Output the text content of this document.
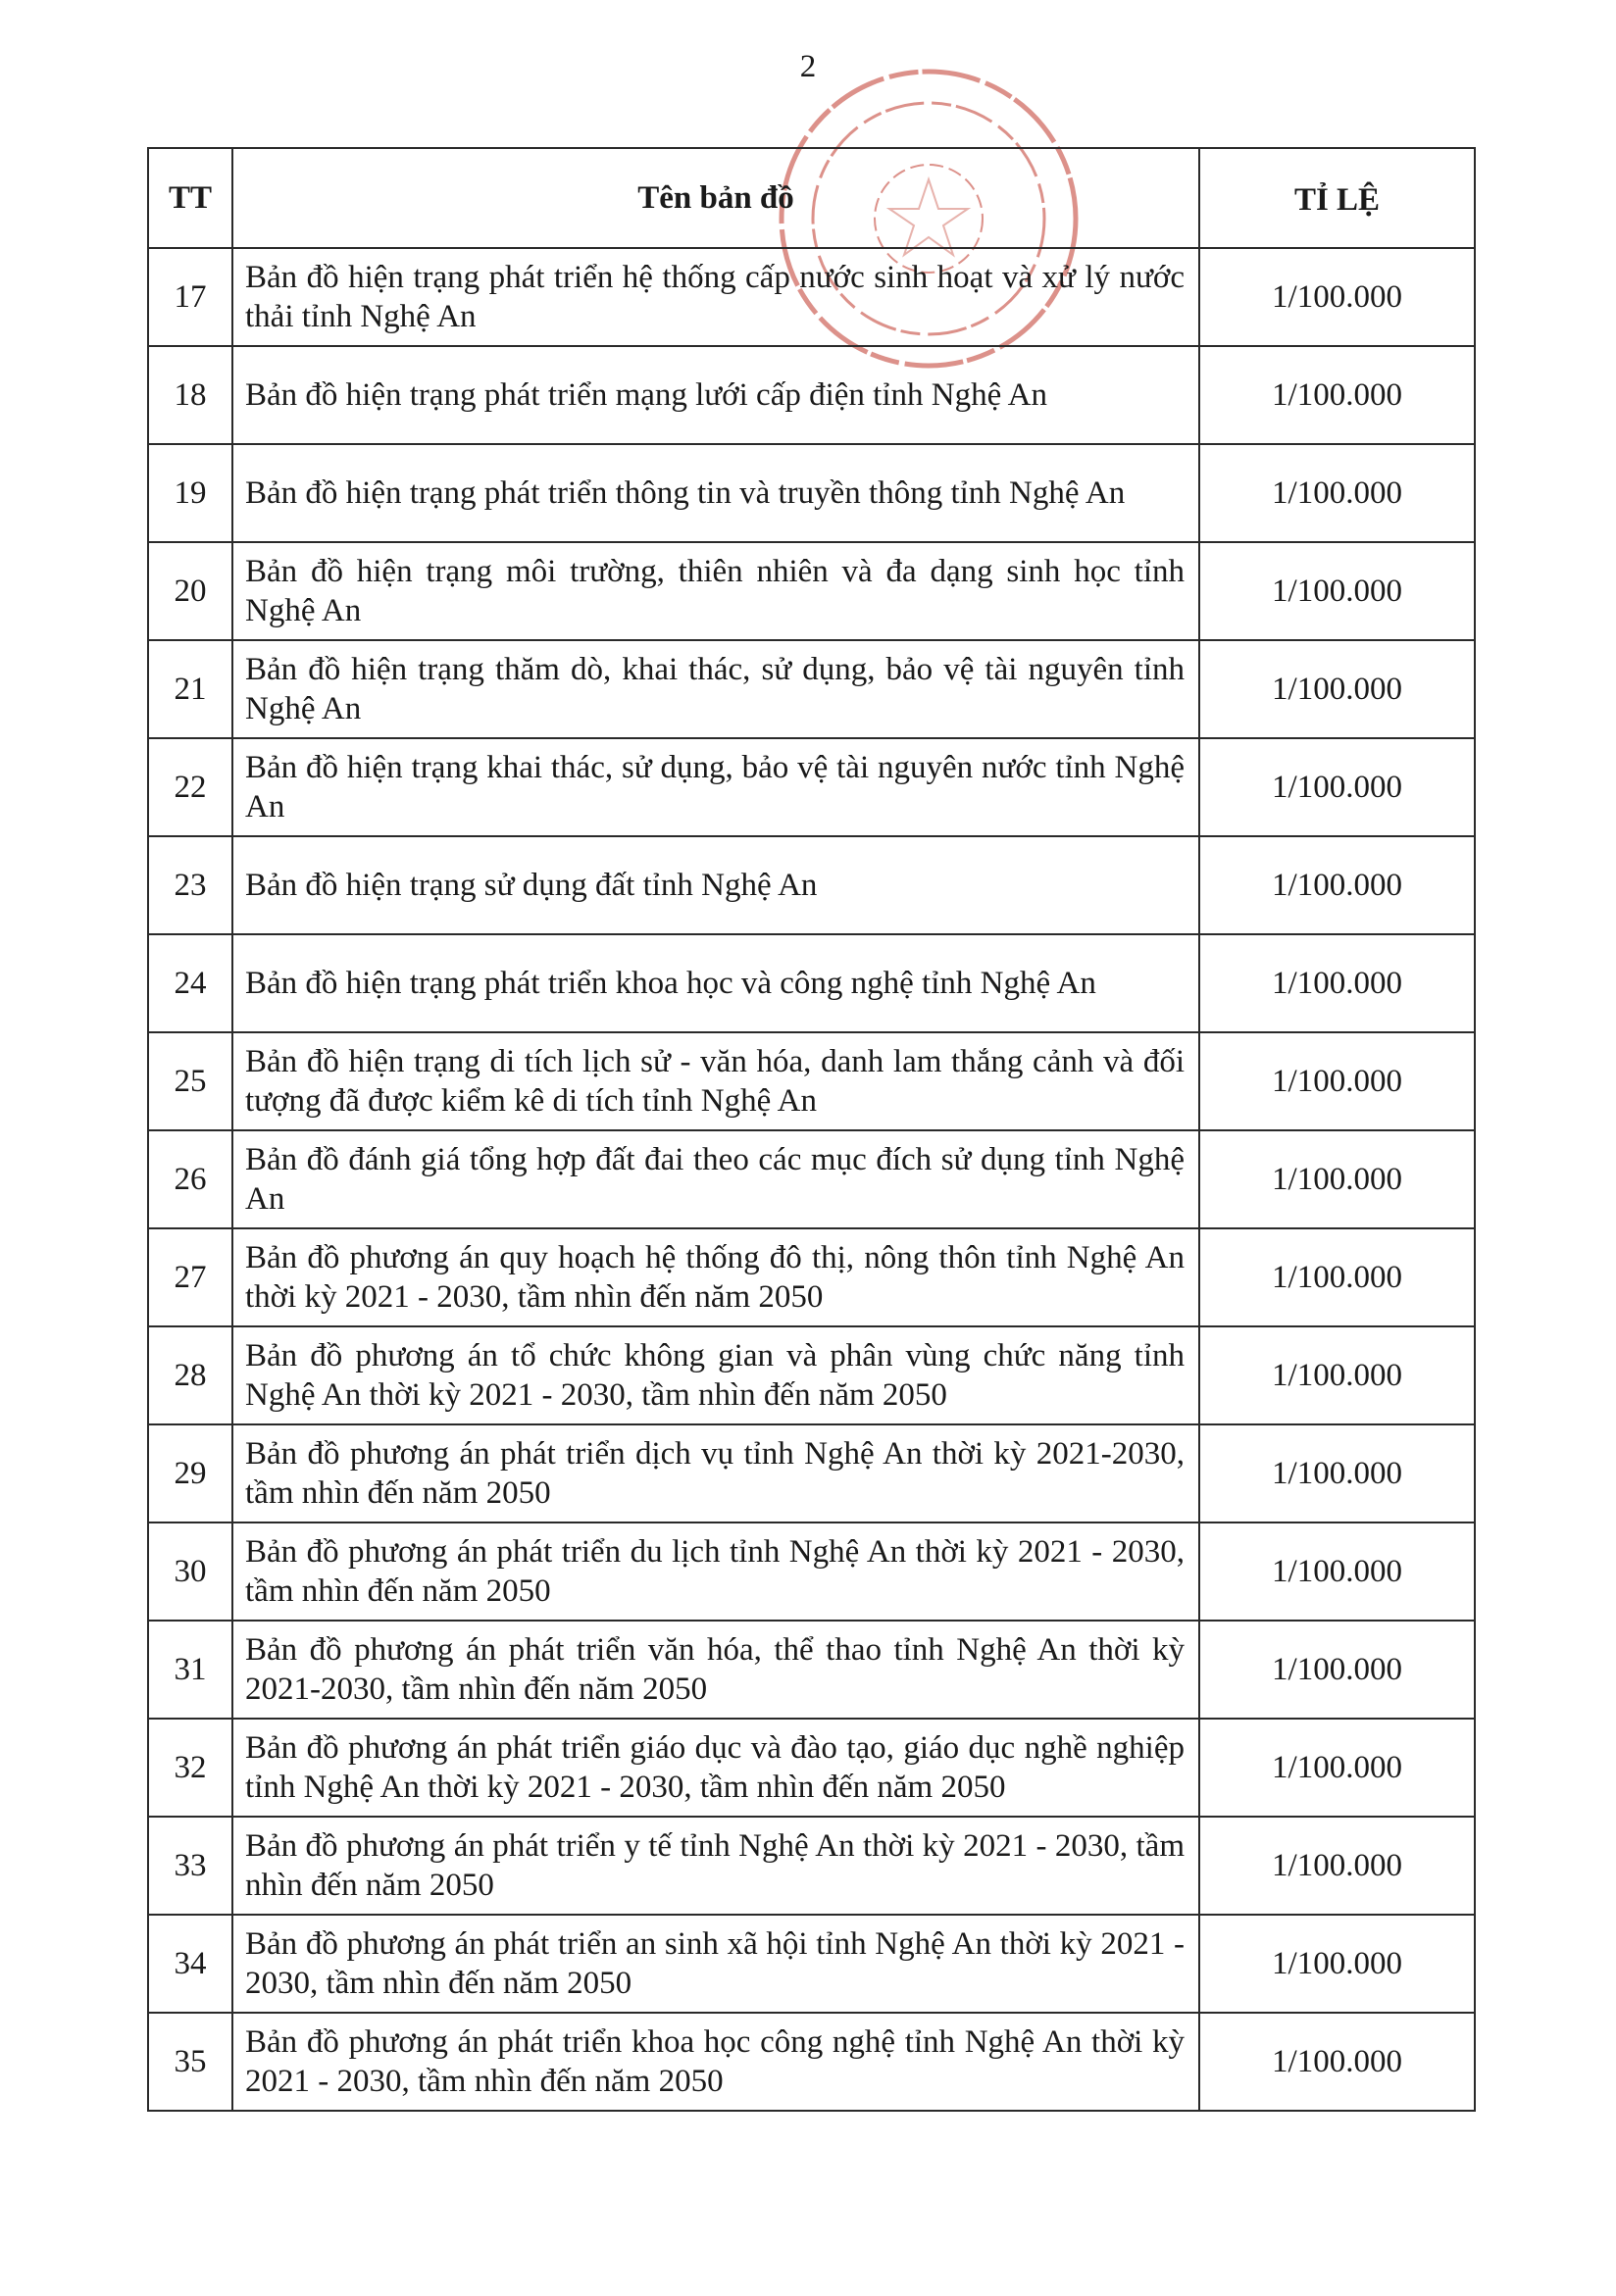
2
TT	Tên bản đồ	TỈ LỆ
17	Bản đồ hiện trạng phát triển hệ thống cấp nước sinh hoạt và xử lý nước thải tỉnh Nghệ An	1/100.000
18	Bản đồ hiện trạng phát triển mạng lưới cấp điện tỉnh Nghệ An	1/100.000
19	Bản đồ hiện trạng phát triển thông tin và truyền thông tỉnh Nghệ An	1/100.000
20	Bản đồ hiện trạng môi trường, thiên nhiên và đa dạng sinh học tỉnh Nghệ An	1/100.000
21	Bản đồ hiện trạng thăm dò, khai thác, sử dụng, bảo vệ tài nguyên tỉnh Nghệ An	1/100.000
22	Bản đồ hiện trạng khai thác, sử dụng, bảo vệ tài nguyên nước tỉnh Nghệ An	1/100.000
23	Bản đồ hiện trạng sử dụng đất tỉnh Nghệ An	1/100.000
24	Bản đồ hiện trạng phát triển khoa học và công nghệ tỉnh Nghệ An	1/100.000
25	Bản đồ hiện trạng di tích lịch sử - văn hóa, danh lam thắng cảnh và đối tượng đã được kiểm kê di tích tỉnh Nghệ An	1/100.000
26	Bản đồ đánh giá tổng hợp đất đai theo các mục đích sử dụng tỉnh Nghệ An	1/100.000
27	Bản đồ phương án quy hoạch hệ thống đô thị, nông thôn tỉnh Nghệ An thời kỳ 2021 - 2030, tầm nhìn đến năm 2050	1/100.000
28	Bản đồ phương án tổ chức không gian và phân vùng chức năng tỉnh Nghệ An thời kỳ 2021 - 2030, tầm nhìn đến năm 2050	1/100.000
29	Bản đồ phương án phát triển dịch vụ tỉnh Nghệ An thời kỳ 2021-2030, tầm nhìn đến năm 2050	1/100.000
30	Bản đồ phương án phát triển du lịch tỉnh Nghệ An thời kỳ 2021 - 2030, tầm nhìn đến năm 2050	1/100.000
31	Bản đồ phương án phát triển văn hóa, thể thao tỉnh Nghệ An thời kỳ 2021-2030, tầm nhìn đến năm 2050	1/100.000
32	Bản đồ phương án phát triển giáo dục và đào tạo, giáo dục nghề nghiệp tỉnh Nghệ An thời kỳ 2021 - 2030, tầm nhìn đến năm 2050	1/100.000
33	Bản đồ phương án phát triển y tế tỉnh Nghệ An thời kỳ 2021 - 2030, tầm nhìn đến năm 2050	1/100.000
34	Bản đồ phương án phát triển an sinh xã hội tỉnh Nghệ An thời kỳ 2021 - 2030, tầm nhìn đến năm 2050	1/100.000
35	Bản đồ phương án phát triển khoa học công nghệ tỉnh Nghệ An thời kỳ 2021 - 2030, tầm nhìn đến năm 2050	1/100.000
